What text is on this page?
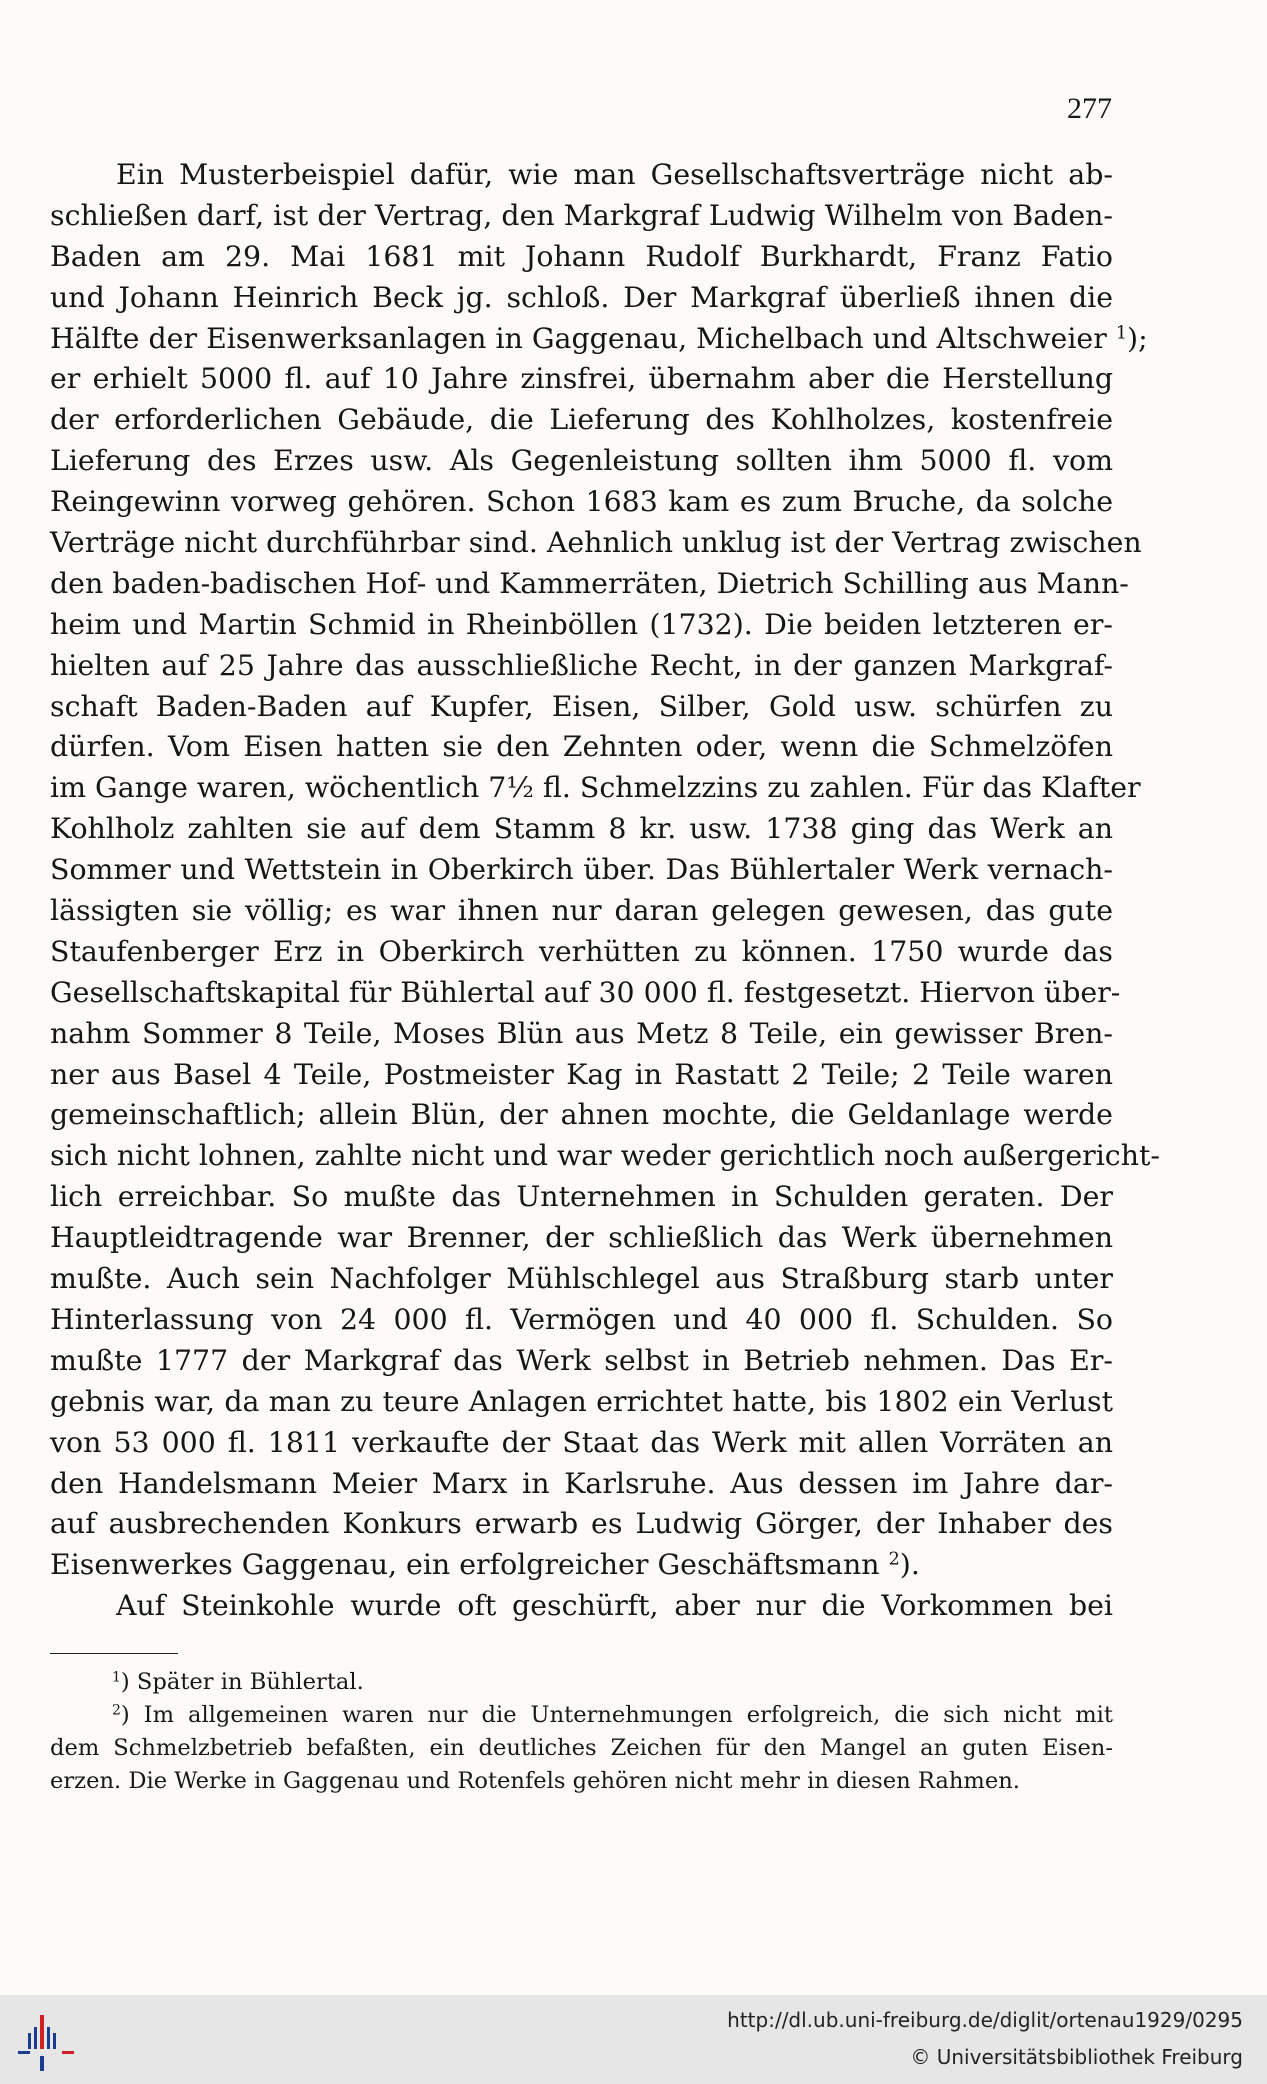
277
Ein Musterbeispiel dafür, wie man Gesellschaftsverträge nicht ab-
schließen darf, ist der Vertrag, den Markgraf Ludwig Wilhelm von Baden-
Baden am 29. Mai 1681 mit Johann Rudolf Burkhardt, Franz Fatio
und Johann Heinrich Beck jg. schloß. Der Markgraf überließ ihnen die
Hälfte der Eisenwerksanlagen in Gaggenau, Michelbach und Altschweier $^1$);
er erhielt 5000 fl. auf 10 Jahre zinsfrei, übernahm aber die Herstellung
der erforderlichen Gebäude, die Lieferung des Kohlholzes, kostenfreie
Lieferung des Erzes usw. Als Gegenleistung sollten ihm 5000 fl. vom
Reingewinn vorweg gehören. Schon 1683 kam es zum Bruche, da solche
Verträge nicht durchführbar sind. Aehnlich unklug ist der Vertrag zwischen
den baden-badischen Hof- und Kammerräten, Dietrich Schilling aus Mann-
heim und Martin Schmid in Rheinböllen (1732). Die beiden letzteren er-
hielten auf 25 Jahre das ausschließliche Recht, in der ganzen Markgraf-
schaft Baden-Baden auf Kupfer, Eisen, Silber, Gold usw. schürfen zu
dürfen. Vom Eisen hatten sie den Zehnten oder, wenn die Schmelzöfen
im Gange waren, wöchentlich 7½ fl. Schmelzzins zu zahlen. Für das Klafter
Kohlholz zahlten sie auf dem Stamm 8 kr. usw. 1738 ging das Werk an
Sommer und Wettstein in Oberkirch über. Das Bühlertaler Werk vernach-
lässigten sie völlig; es war ihnen nur daran gelegen gewesen, das gute
Staufenberger Erz in Oberkirch verhütten zu können. 1750 wurde das
Gesellschaftskapital für Bühlertal auf 30 000 fl. festgesetzt. Hiervon über-
nahm Sommer 8 Teile, Moses Blün aus Metz 8 Teile, ein gewisser Bren-
ner aus Basel 4 Teile, Postmeister Kag in Rastatt 2 Teile; 2 Teile waren
gemeinschaftlich; allein Blün, der ahnen mochte, die Geldanlage werde
sich nicht lohnen, zahlte nicht und war weder gerichtlich noch außergericht-
lich erreichbar. So mußte das Unternehmen in Schulden geraten. Der
Hauptleidtragende war Brenner, der schließlich das Werk übernehmen
mußte. Auch sein Nachfolger Mühlschlegel aus Straßburg starb unter
Hinterlassung von 24 000 fl. Vermögen und 40 000 fl. Schulden. So
mußte 1777 der Markgraf das Werk selbst in Betrieb nehmen. Das Er-
gebnis war, da man zu teure Anlagen errichtet hatte, bis 1802 ein Verlust
von 53 000 fl. 1811 verkaufte der Staat das Werk mit allen Vorräten an
den Handelsmann Meier Marx in Karlsruhe. Aus dessen im Jahre dar-
auf ausbrechenden Konkurs erwarb es Ludwig Görger, der Inhaber des
Eisenwerkes Gaggenau, ein erfolgreicher Geschäftsmann $^2$).
Auf Steinkohle wurde oft geschürft, aber nur die Vorkommen bei
$^1$) Später in Bühlertal.
$^2$) Im allgemeinen waren nur die Unternehmungen erfolgreich, die sich nicht mit
dem Schmelzbetrieb befaßten, ein deutliches Zeichen für den Mangel an guten Eisen-
erzen. Die Werke in Gaggenau und Rotenfels gehören nicht mehr in diesen Rahmen.
http://dl.ub.uni-freiburg.de/diglit/ortenau1929/0295
© Universitätsbibliothek Freiburg
